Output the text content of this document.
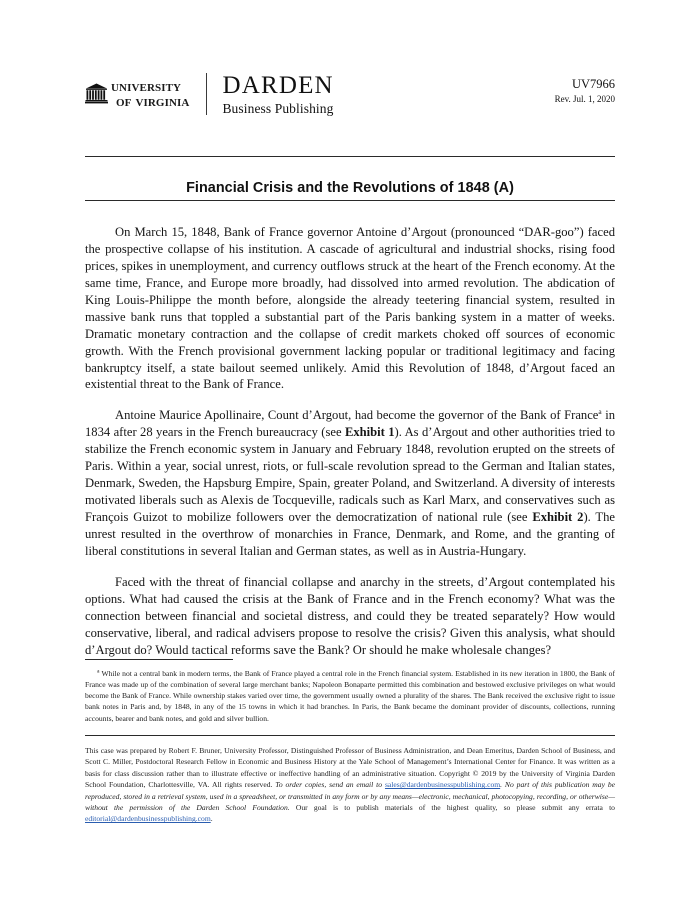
university
of virginia
DARDEN
Business Publishing
UV7966
Rev. Jul. 1, 2020
Financial Crisis and the Revolutions of 1848 (A)

On March 15, 1848, Bank of France governor Antoine d’Argout (pronounced “DAR-goo”) faced the prospective collapse of his institution. A cascade of agricultural and industrial shocks, rising food prices, spikes in unemployment, and currency outflows struck at the heart of the French economy. At the same time, France, and Europe more broadly, had dissolved into armed revolution. The abdication of King Louis-Philippe the month before, alongside the already teetering financial system, resulted in massive bank runs that toppled a substantial part of the Paris banking system in a matter of weeks. Dramatic monetary contraction and the collapse of credit markets choked off sources of economic growth. With the French provisional government lacking popular or traditional legitimacy and facing bankruptcy itself, a state bailout seemed unlikely. Amid this Revolution of 1848, d’Argout faced an existential threat to the Bank of France.

Antoine Maurice Apollinaire, Count d’Argout, had become the governor of the Bank of France$^a$ in 1834 after 28 years in the French bureaucracy (see Exhibit 1). As d’Argout and other authorities tried to stabilize the French economic system in January and February 1848, revolution erupted on the streets of Paris. Within a year, social unrest, riots, or full-scale revolution spread to the German and Italian states, Denmark, Sweden, the Hapsburg Empire, Spain, greater Poland, and Switzerland. A diversity of interests motivated liberals such as Alexis de Tocqueville, radicals such as Karl Marx, and conservatives such as François Guizot to mobilize followers over the democratization of national rule (see Exhibit 2). The unrest resulted in the overthrow of monarchies in France, Denmark, and Rome, and the granting of liberal constitutions in several Italian and German states, as well as in Austria-Hungary.

Faced with the threat of financial collapse and anarchy in the streets, d’Argout contemplated his options. What had caused the crisis at the Bank of France and in the French economy? What was the connection between financial and societal distress, and could they be treated separately? How would conservative, liberal, and radical advisers propose to resolve the crisis? Given this analysis, what should d’Argout do? Would tactical reforms save the Bank? Or should he make wholesale changes?

$^a$ While not a central bank in modern terms, the Bank of France played a central role in the French financial system. Established in its new iteration in 1800, the Bank of France was made up of the combination of several large merchant banks; Napoleon Bonaparte permitted this combination and bestowed exclusive privileges on what would become the Bank of France. While ownership stakes varied over time, the government usually owned a plurality of the shares. The Bank received the exclusive right to issue bank notes in Paris and, by 1848, in any of the 15 towns in which it had branches. In Paris, the Bank became the dominant provider of discounts, collections, running accounts, bearer and bank notes, and gold and silver bullion.
This case was prepared by Robert F. Bruner, University Professor, Distinguished Professor of Business Administration, and Dean Emeritus, Darden School of Business, and Scott C. Miller, Postdoctoral Research Fellow in Economic and Business History at the Yale School of Management’s International Center for Finance. It was written as a basis for class discussion rather than to illustrate effective or ineffective handling of an administrative situation. Copyright © 2019 by the University of Virginia Darden School Foundation, Charlottesville, VA. All rights reserved. To order copies, send an email to sales@dardenbusinesspublishing.com. No part of this publication may be reproduced, stored in a retrieval system, used in a spreadsheet, or transmitted in any form or by any means—electronic, mechanical, photocopying, recording, or otherwise—without the permission of the Darden School Foundation. Our goal is to publish materials of the highest quality, so please submit any errata to editorial@dardenbusinesspublishing.com.
